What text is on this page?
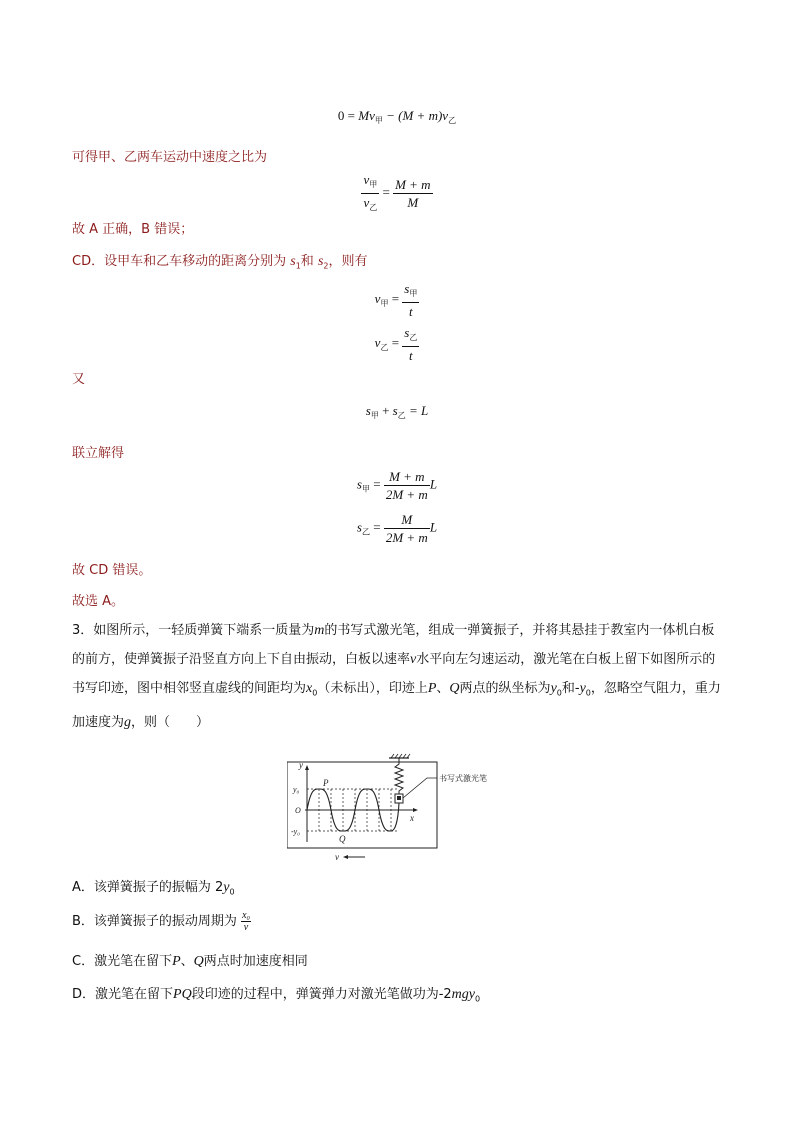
$0 = Mv_甲 - (M + m)v_乙$
可得甲、乙两车运动中速度之比为
$\frac{v_甲}{v_乙} = \frac{M + m}{M}$
故 A 正确，B 错误；
CD．设甲车和乙车移动的距离分别为 $s_1$和 $s_2$，则有
$v_甲 = \frac{s_甲}{t}$
$v_乙 = \frac{s_乙}{t}$
又
$s_甲 + s_乙 = L$
联立解得
$s_甲 = \frac{M + m}{2M + m}$ L
$s_乙 = \frac{M}{2M + m}$ L
故 CD 错误。
故选 A。
3．如图所示，一轻质弹簧下端系一质量为m的书写式激光笔，组成一弹簧振子，并将其悬挂于教室内一体机白板的前方，使弹簧振子沿竖直方向上下自由振动，白板以速率v水平向左匀速运动，激光笔在白板上留下如图所示的书写印迹，图中相邻竖直虚线的间距均为$x_0$（未标出），印迹上P、Q两点的纵坐标为$y_0$和$-y_0$，忽略空气阻力，重力加速度为g，则（　　）
书写式激光笔
y
P
y₀
O
-y₀
Q
x
v
A．该弹簧振子的振幅为 $2y_0$
B．该弹簧振子的振动周期为 $\frac{\text{x₀}}{v}$
C．激光笔在留下P、Q两点时加速度相同
D．激光笔在留下PQ段印迹的过程中，弹簧弹力对激光笔做功为-2mgy$_0$
